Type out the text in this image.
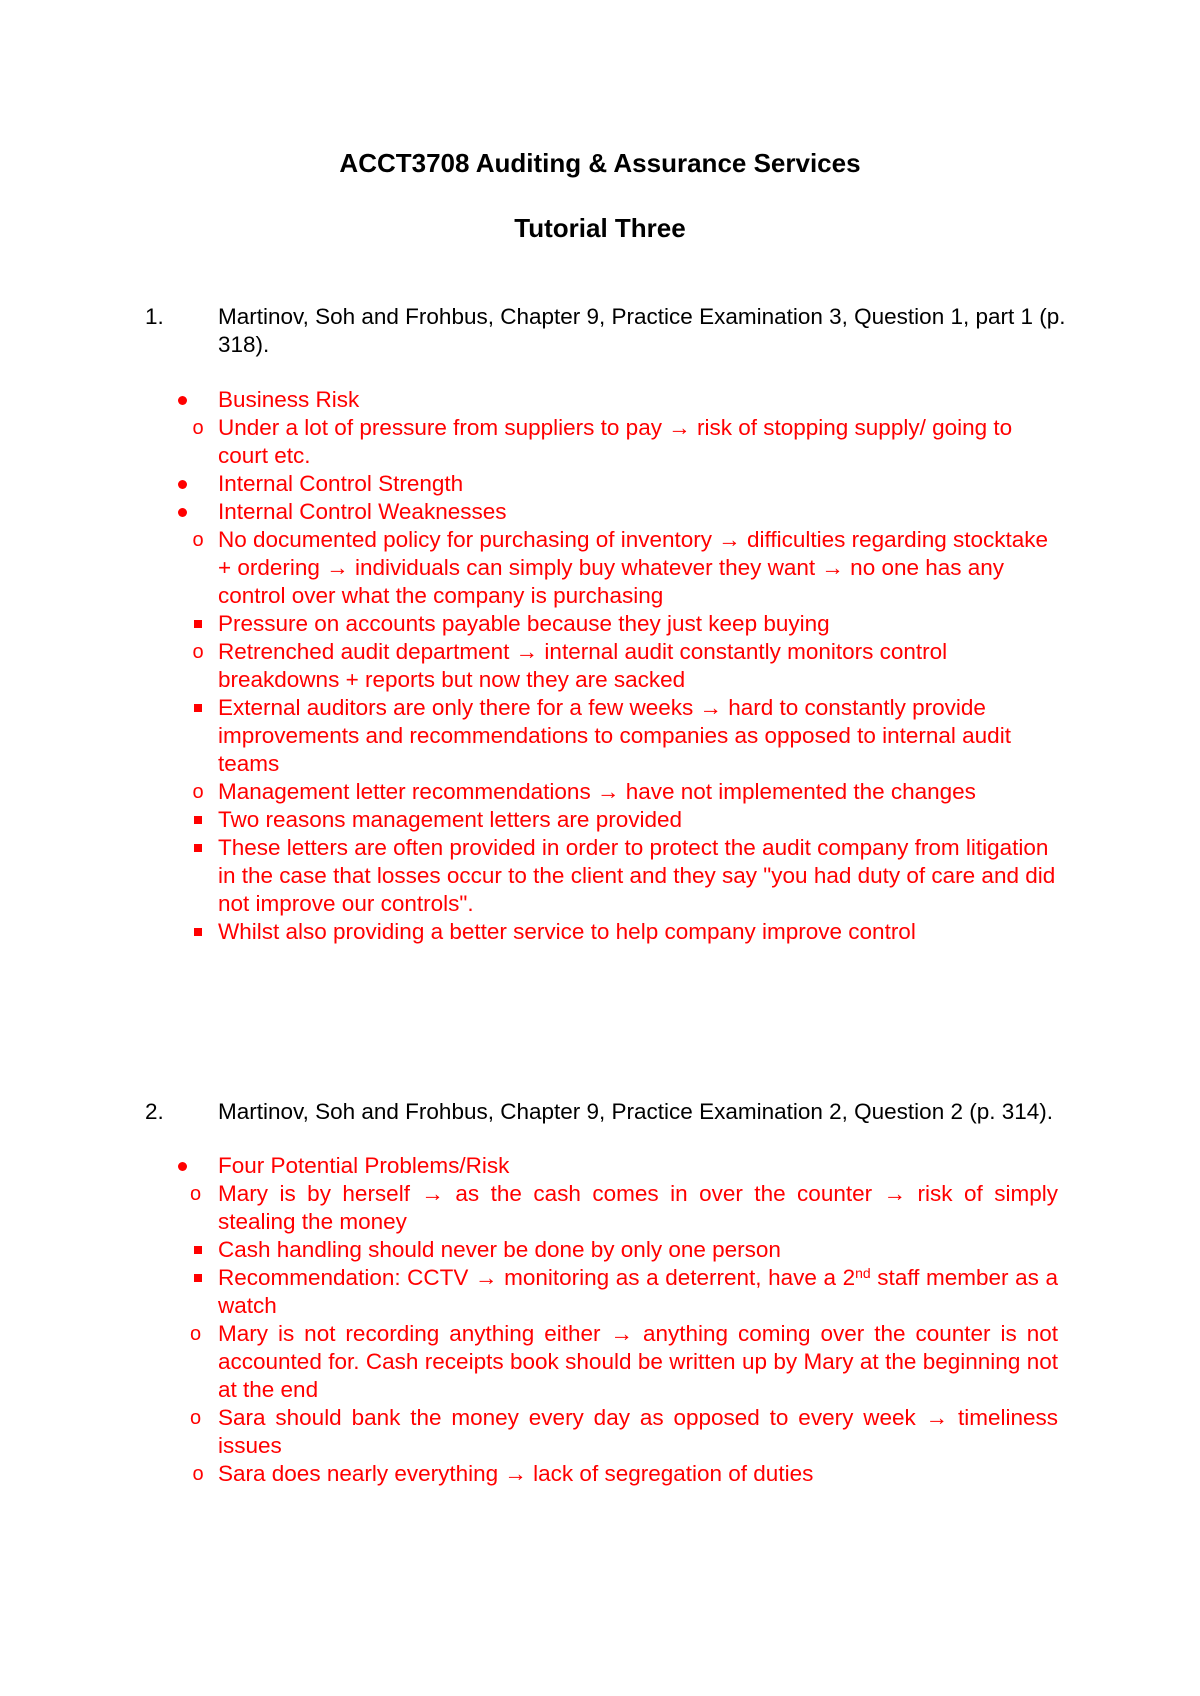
ACCT3708 Auditing & Assurance Services
Tutorial Three
1. Martinov, Soh and Frohbus, Chapter 9, Practice Examination 3, Question 1, part 1 (p. 318).
Business Risk
o Under a lot of pressure from suppliers to pay → risk of stopping supply/ going to court etc.
Internal Control Strength
Internal Control Weaknesses
o No documented policy for purchasing of inventory → difficulties regarding stocktake + ordering → individuals can simply buy whatever they want → no one has any control over what the company is purchasing
Pressure on accounts payable because they just keep buying
o Retrenched audit department → internal audit constantly monitors control breakdowns + reports but now they are sacked
External auditors are only there for a few weeks → hard to constantly provide improvements and recommendations to companies as opposed to internal audit teams
o Management letter recommendations → have not implemented the changes
Two reasons management letters are provided
These letters are often provided in order to protect the audit company from litigation in the case that losses occur to the client and they say "you had duty of care and did not improve our controls".
Whilst also providing a better service to help company improve control
2. Martinov, Soh and Frohbus, Chapter 9, Practice Examination 2, Question 2 (p. 314).
Four Potential Problems/Risk
o Mary is by herself → as the cash comes in over the counter → risk of simply stealing the money
Cash handling should never be done by only one person
Recommendation: CCTV → monitoring as a deterrent, have a 2nd staff member as a watch
o Mary is not recording anything either → anything coming over the counter is not accounted for. Cash receipts book should be written up by Mary at the beginning not at the end
o Sara should bank the money every day as opposed to every week → timeliness issues
o Sara does nearly everything → lack of segregation of duties
